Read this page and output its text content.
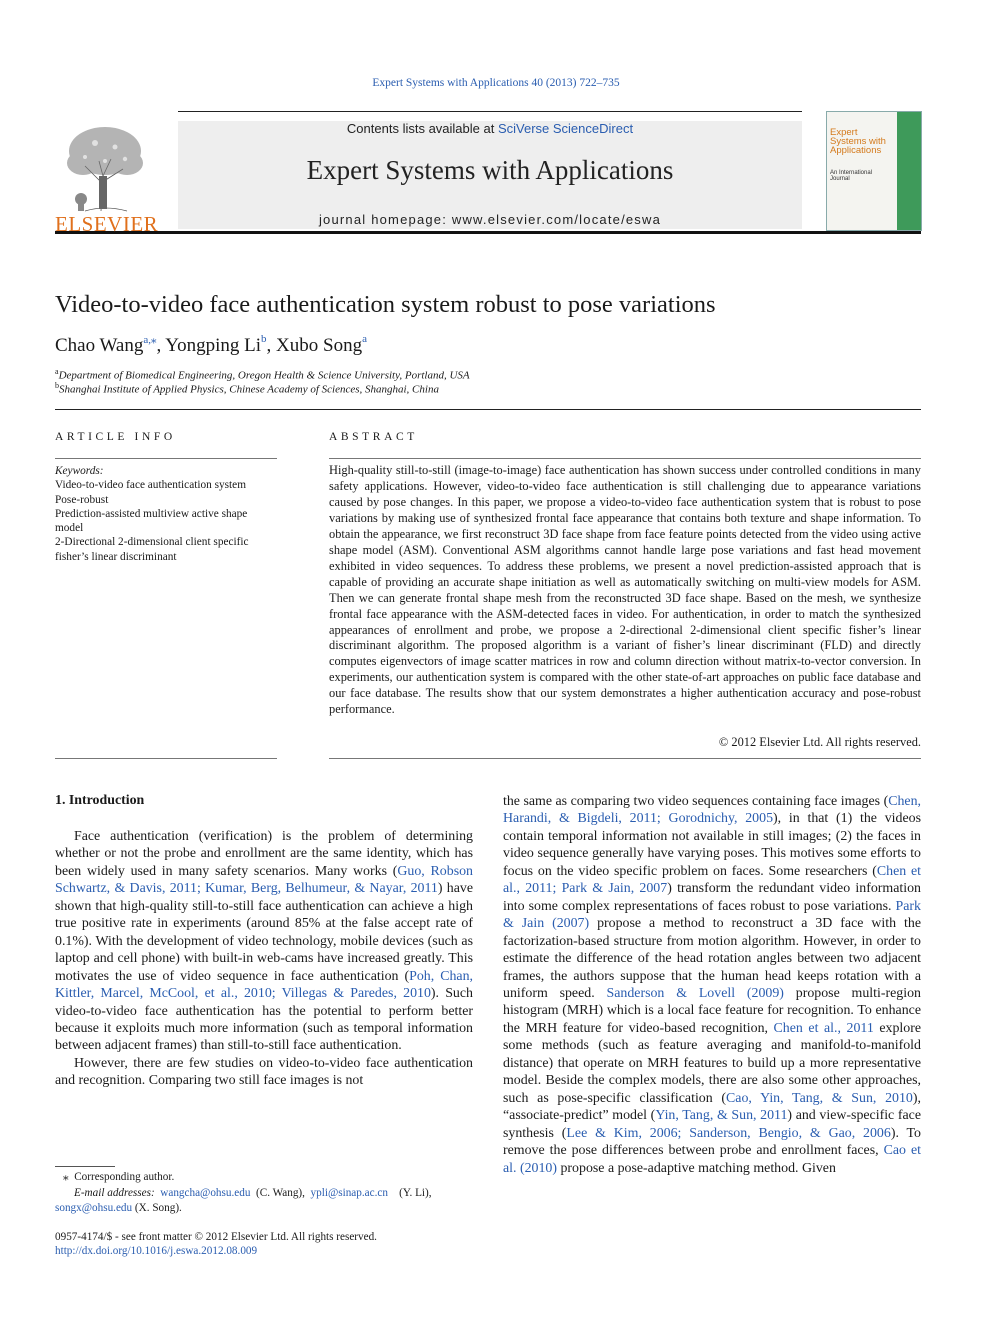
Expert Systems with Applications 40 (2013) 722–735
Contents lists available at SciVerse ScienceDirect
Expert Systems with Applications
journal homepage: www.elsevier.com/locate/eswa
ELSEVIER
Expert Systems with Applications
An International Journal
Video-to-video face authentication system robust to pose variations
Chao Wang$^{a,⁎}$, Yongping Li$^b$, Xubo Song$^a$
$^a$Department of Biomedical Engineering, Oregon Health & Science University, Portland, USA
$^b$Shanghai Institute of Applied Physics, Chinese Academy of Sciences, Shanghai, China
ARTICLE INFO
Keywords:
Video-to-video face authentication system
Pose-robust
Prediction-assisted multiview active shape model
2-Directional 2-dimensional client specific fisher’s linear discriminant
ABSTRACT
High-quality still-to-still (image-to-image) face authentication has shown success under controlled conditions in many safety applications. However, video-to-video face authentication is still challenging due to appearance variations caused by pose changes. In this paper, we propose a video-to-video face authentication system that is robust to pose variations by making use of synthesized frontal face appearance that contains both texture and shape information. To obtain the appearance, we first reconstruct 3D face shape from face feature points detected from the video using active shape model (ASM). Conventional ASM algorithms cannot handle large pose variations and fast head movement exhibited in video sequences. To address these problems, we present a novel prediction-assisted approach that is capable of providing an accurate shape initiation as well as automatically switching on multi-view models for ASM. Then we can generate frontal shape mesh from the reconstructed 3D face shape. Based on the mesh, we synthesize frontal face appearance with the ASM-detected faces in video. For authentication, in order to match the synthesized appearances of enrollment and probe, we propose a 2-directional 2-dimensional client specific fisher’s linear discriminant algorithm. The proposed algorithm is a variant of fisher’s linear discriminant (FLD) and directly computes eigenvectors of image scatter matrices in row and column direction without matrix-to-vector conversion. In experiments, our authentication system is compared with the other state-of-art approaches on public face database and our face database. The results show that our system demonstrates a higher authentication accuracy and pose-robust performance.
© 2012 Elsevier Ltd. All rights reserved.
1. Introduction

Face authentication (verification) is the problem of determining whether or not the probe and enrollment are the same identity, which has been widely used in many safety scenarios. Many works (Guo, Robson Schwartz, & Davis, 2011; Kumar, Berg, Belhumeur, & Nayar, 2011) have shown that high-quality still-to-still face authentication can achieve a high true positive rate in experiments (around 85% at the false accept rate of 0.1%). With the development of video technology, mobile devices (such as laptop and cell phone) with built-in web-cams have increased greatly. This motivates the use of video sequence in face authentication (Poh, Chan, Kittler, Marcel, McCool, et al., 2010; Villegas & Paredes, 2010). Such video-to-video face authentication has the potential to perform better because it exploits much more information (such as temporal information between adjacent frames) than still-to-still face authentication.

However, there are few studies on video-to-video face authentication and recognition. Comparing two still face images is not

the same as comparing two video sequences containing face images (Chen, Harandi, & Bigdeli, 2011; Gorodnichy, 2005), in that (1) the videos contain temporal information not available in still images; (2) the faces in video sequence generally have varying poses. This motives some efforts to focus on the video specific problem on faces. Some researchers (Chen et al., 2011; Park & Jain, 2007) transform the redundant video information into some complex representations of faces robust to pose variations. Park & Jain (2007) propose a method to reconstruct a 3D face with the factorization-based structure from motion algorithm. However, in order to estimate the difference of the head rotation angles between two adjacent frames, the authors suppose that the human head keeps rotation with a uniform speed. Sanderson & Lovell (2009) propose multi-region histogram (MRH) which is a local face feature for recognition. To enhance the MRH feature for video-based recognition, Chen et al., 2011 explore some methods (such as feature averaging and manifold-to-manifold distance) that operate on MRH features to build up a more representative model. Beside the complex models, there are also some other approaches, such as pose-specific classification (Cao, Yin, Tang, & Sun, 2010), “associate-predict” model (Yin, Tang, & Sun, 2011) and view-specific face synthesis (Lee & Kim, 2006; Sanderson, Bengio, & Gao, 2006). To remove the pose differences between probe and enrollment faces, Cao et al. (2010) propose a pose-adaptive matching method. Given

⁎ Corresponding author.
E-mail addresses: wangcha@ohsu.edu (C. Wang), ypli@sinap.ac.cn (Y. Li),
songx@ohsu.edu (X. Song).
0957-4174/$ - see front matter © 2012 Elsevier Ltd. All rights reserved.
http://dx.doi.org/10.1016/j.eswa.2012.08.009
